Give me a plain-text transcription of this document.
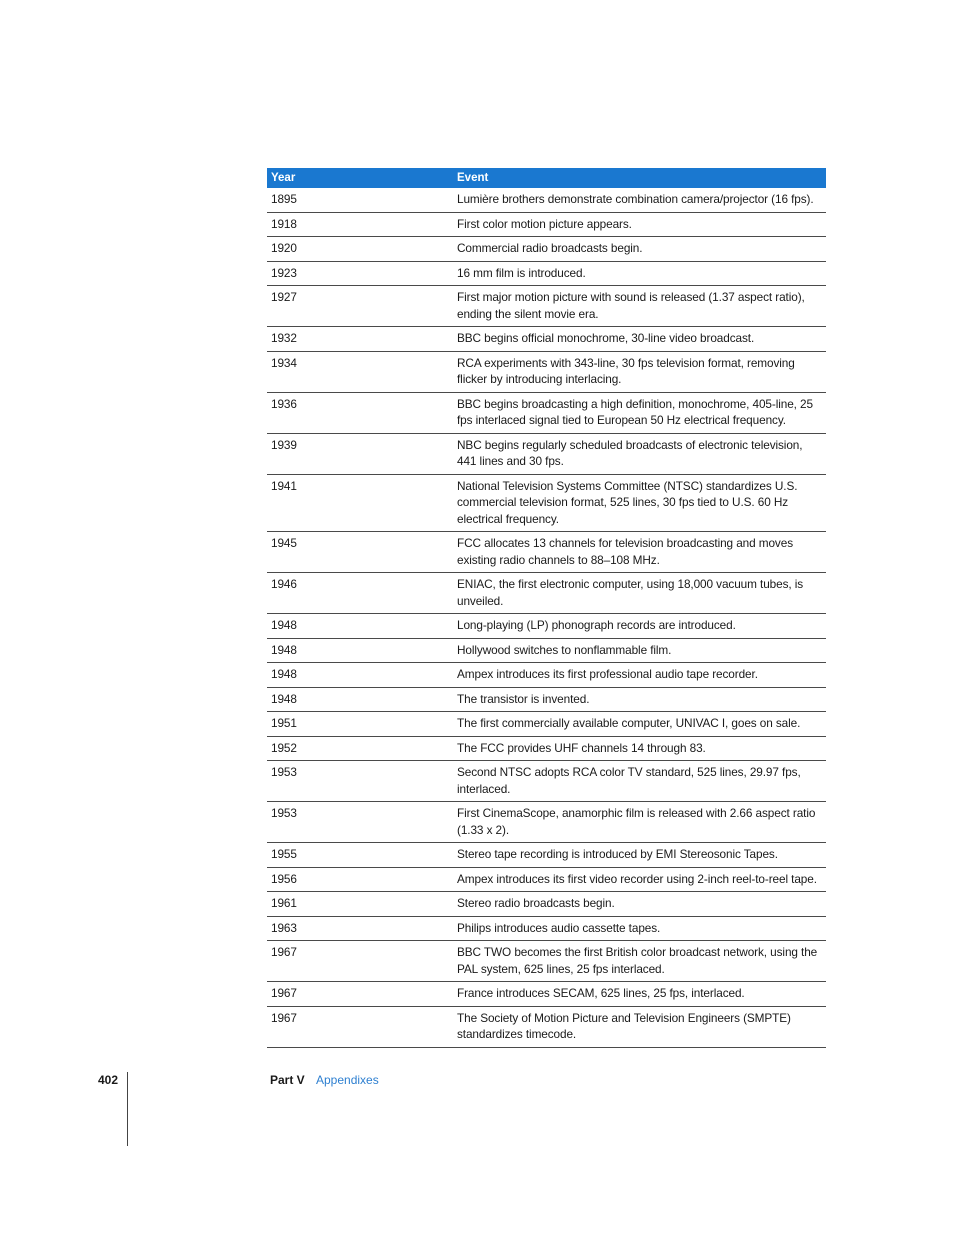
Year	Event
1895	Lumière brothers demonstrate combination camera/projector (16 fps).
1918	First color motion picture appears.
1920	Commercial radio broadcasts begin.
1923	16 mm film is introduced.
1927	First major motion picture with sound is released (1.37 aspect ratio), ending the silent movie era.
1932	BBC begins official monochrome, 30-line video broadcast.
1934	RCA experiments with 343-line, 30 fps television format, removing flicker by introducing interlacing.
1936	BBC begins broadcasting a high definition, monochrome, 405-line, 25 fps interlaced signal tied to European 50 Hz electrical frequency.
1939	NBC begins regularly scheduled broadcasts of electronic television, 441 lines and 30 fps.
1941	National Television Systems Committee (NTSC) standardizes U.S. commercial television format, 525 lines, 30 fps tied to U.S. 60 Hz electrical frequency.
1945	FCC allocates 13 channels for television broadcasting and moves existing radio channels to 88–108 MHz.
1946	ENIAC, the first electronic computer, using 18,000 vacuum tubes, is unveiled.
1948	Long-playing (LP) phonograph records are introduced.
1948	Hollywood switches to nonflammable film.
1948	Ampex introduces its first professional audio tape recorder.
1948	The transistor is invented.
1951	The first commercially available computer, UNIVAC I, goes on sale.
1952	The FCC provides UHF channels 14 through 83.
1953	Second NTSC adopts RCA color TV standard, 525 lines, 29.97 fps, interlaced.
1953	First CinemaScope, anamorphic film is released with 2.66 aspect ratio (1.33 x 2).
1955	Stereo tape recording is introduced by EMI Stereosonic Tapes.
1956	Ampex introduces its first video recorder using 2-inch reel-to-reel tape.
1961	Stereo radio broadcasts begin.
1963	Philips introduces audio cassette tapes.
1967	BBC TWO becomes the first British color broadcast network, using the PAL system, 625 lines, 25 fps interlaced.
1967	France introduces SECAM, 625 lines, 25 fps, interlaced.
1967	The Society of Motion Picture and Television Engineers (SMPTE) standardizes timecode.
402	Part V Appendixes
